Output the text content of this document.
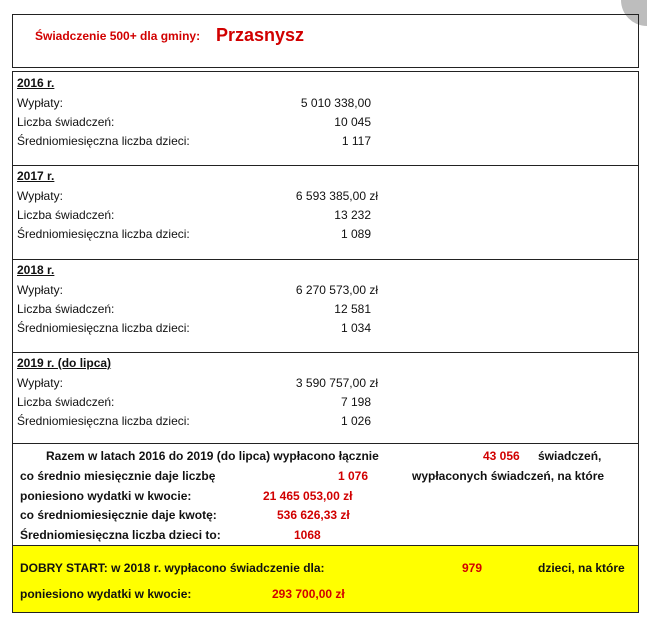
Świadczenie 500+ dla gminy: Przasnysz
2016 r.
Wypłaty:	5 010 338,00
Liczba świadczeń:	10 045
Średniomiesięczna liczba dzieci:	1 117
2017 r.
Wypłaty:	6 593 385,00 zł
Liczba świadczeń:	13 232
Średniomiesięczna liczba dzieci:	1 089
2018 r.
Wypłaty:	6 270 573,00 zł
Liczba świadczeń:	12 581
Średniomiesięczna liczba dzieci:	1 034
2019 r. (do lipca)
Wypłaty:	3 590 757,00 zł
Liczba świadczeń:	7 198
Średniomiesięczna liczba dzieci:	1 026
Razem w latach 2016 do 2019 (do lipca) wypłacono łącznie	43 056 świadczeń,
co średnio miesięcznie daje liczbę	1 076	wypłaconych świadczeń, na które
poniesiono wydatki w kwocie:	21 465 053,00 zł
co średniomiesięcznie daje kwotę:	536 626,33 zł
Średniomiesięczna liczba dzieci to:	1068
DOBRY START: w 2018 r. wypłacono świadczenie dla:	979	dzieci, na które
poniesiono wydatki w kwocie:	293 700,00 zł
